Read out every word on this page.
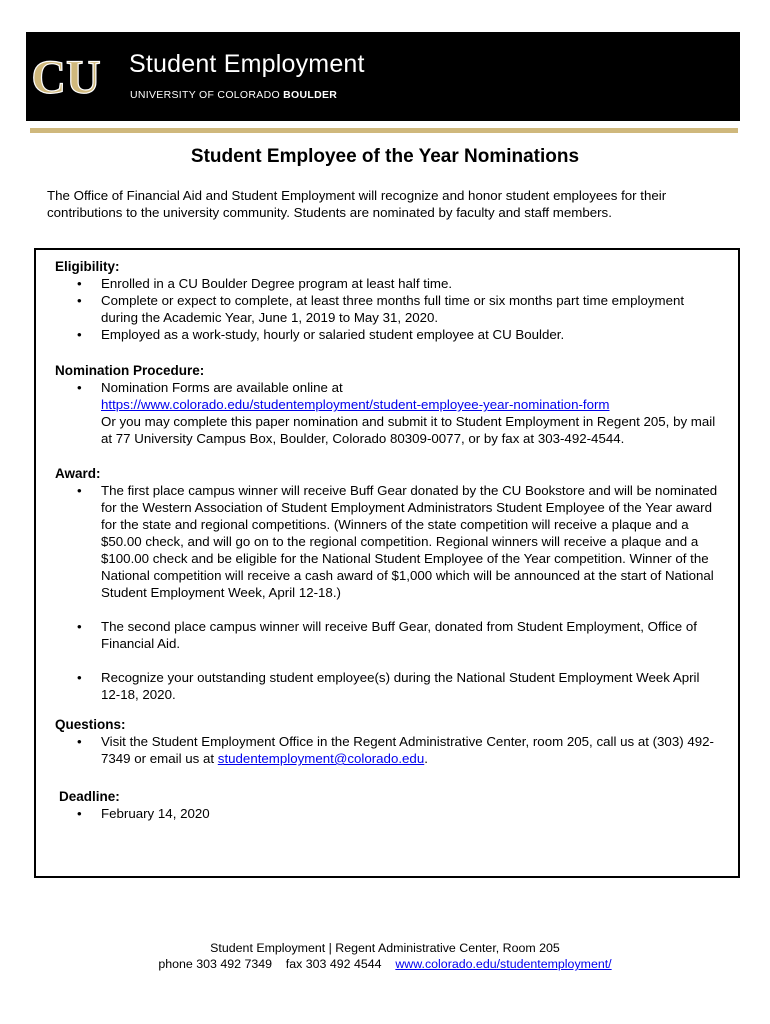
CU Student Employment
UNIVERSITY OF COLORADO BOULDER
Student Employee of the Year Nominations
The Office of Financial Aid and Student Employment will recognize and honor student employees for their contributions to the university community. Students are nominated by faculty and staff members.
Eligibility:
• Enrolled in a CU Boulder Degree program at least half time.
• Complete or expect to complete, at least three months full time or six months part time employment during the Academic Year, June 1, 2019 to May 31, 2020.
• Employed as a work-study, hourly or salaried student employee at CU Boulder.
Nomination Procedure:
• Nomination Forms are available online at
https://www.colorado.edu/studentemployment/student-employee-year-nomination-form
Or you may complete this paper nomination and submit it to Student Employment in Regent 205, by mail at 77 University Campus Box, Boulder, Colorado 80309-0077, or by fax at 303-492-4544.
Award:
• The first place campus winner will receive Buff Gear donated by the CU Bookstore and will be nominated for the Western Association of Student Employment Administrators Student Employee of the Year award for the state and regional competitions. (Winners of the state competition will receive a plaque and a $50.00 check, and will go on to the regional competition. Regional winners will receive a plaque and a $100.00 check and be eligible for the National Student Employee of the Year competition. Winner of the National competition will receive a cash award of $1,000 which will be announced at the start of National Student Employment Week, April 12-18.)
• The second place campus winner will receive Buff Gear, donated from Student Employment, Office of Financial Aid.
• Recognize your outstanding student employee(s) during the National Student Employment Week April 12-18, 2020.
Questions:
• Visit the Student Employment Office in the Regent Administrative Center, room 205, call us at (303) 492-7349 or email us at studentemployment@colorado.edu.
Deadline:
• February 14, 2020
Student Employment | Regent Administrative Center, Room 205
phone 303 492 7349    fax 303 492 4544 www.colorado.edu/studentemployment/
